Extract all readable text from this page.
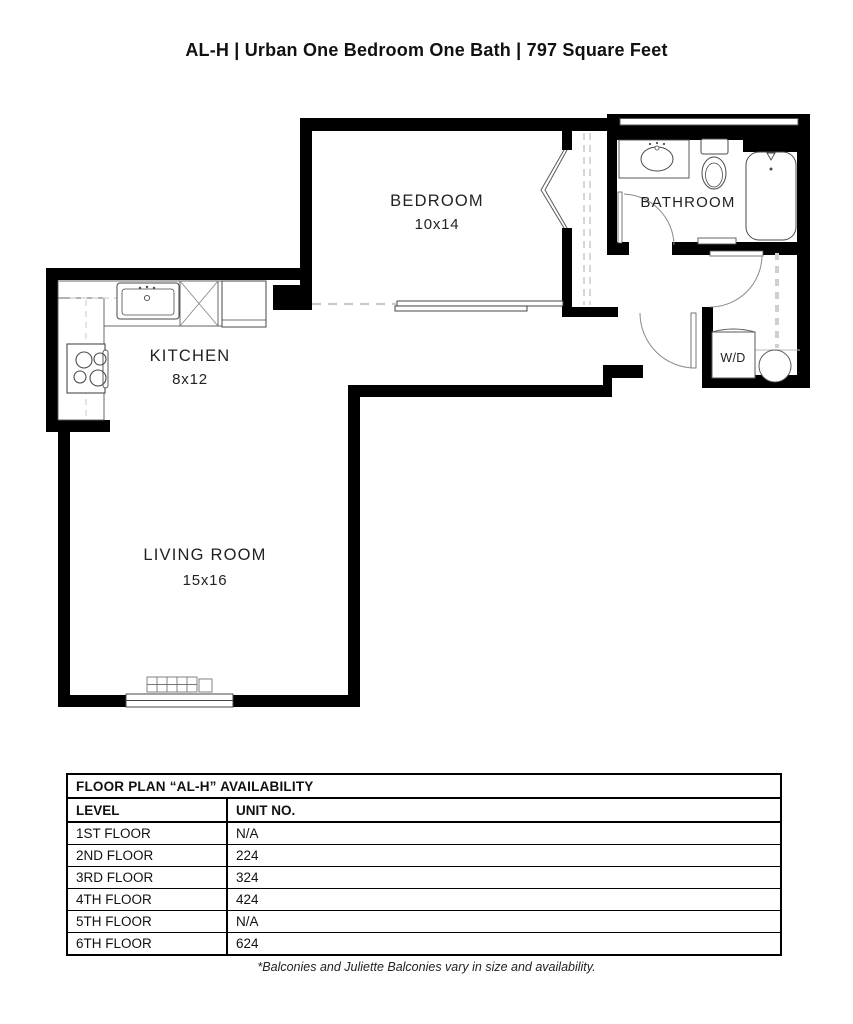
AL-H | Urban One Bedroom One Bath | 797 Square Feet
BEDROOM
10x14
BATHROOM
KITCHEN
8x12
LIVING ROOM
15x16
W/D
FLOOR PLAN “AL-H” AVAILABILITY	
LEVEL	UNIT NO.
1ST FLOOR	N/A
2ND FLOOR	224
3RD FLOOR	324
4TH FLOOR	424
5TH FLOOR	N/A
6TH FLOOR	624
*Balconies and Juliette Balconies vary in size and availability.
